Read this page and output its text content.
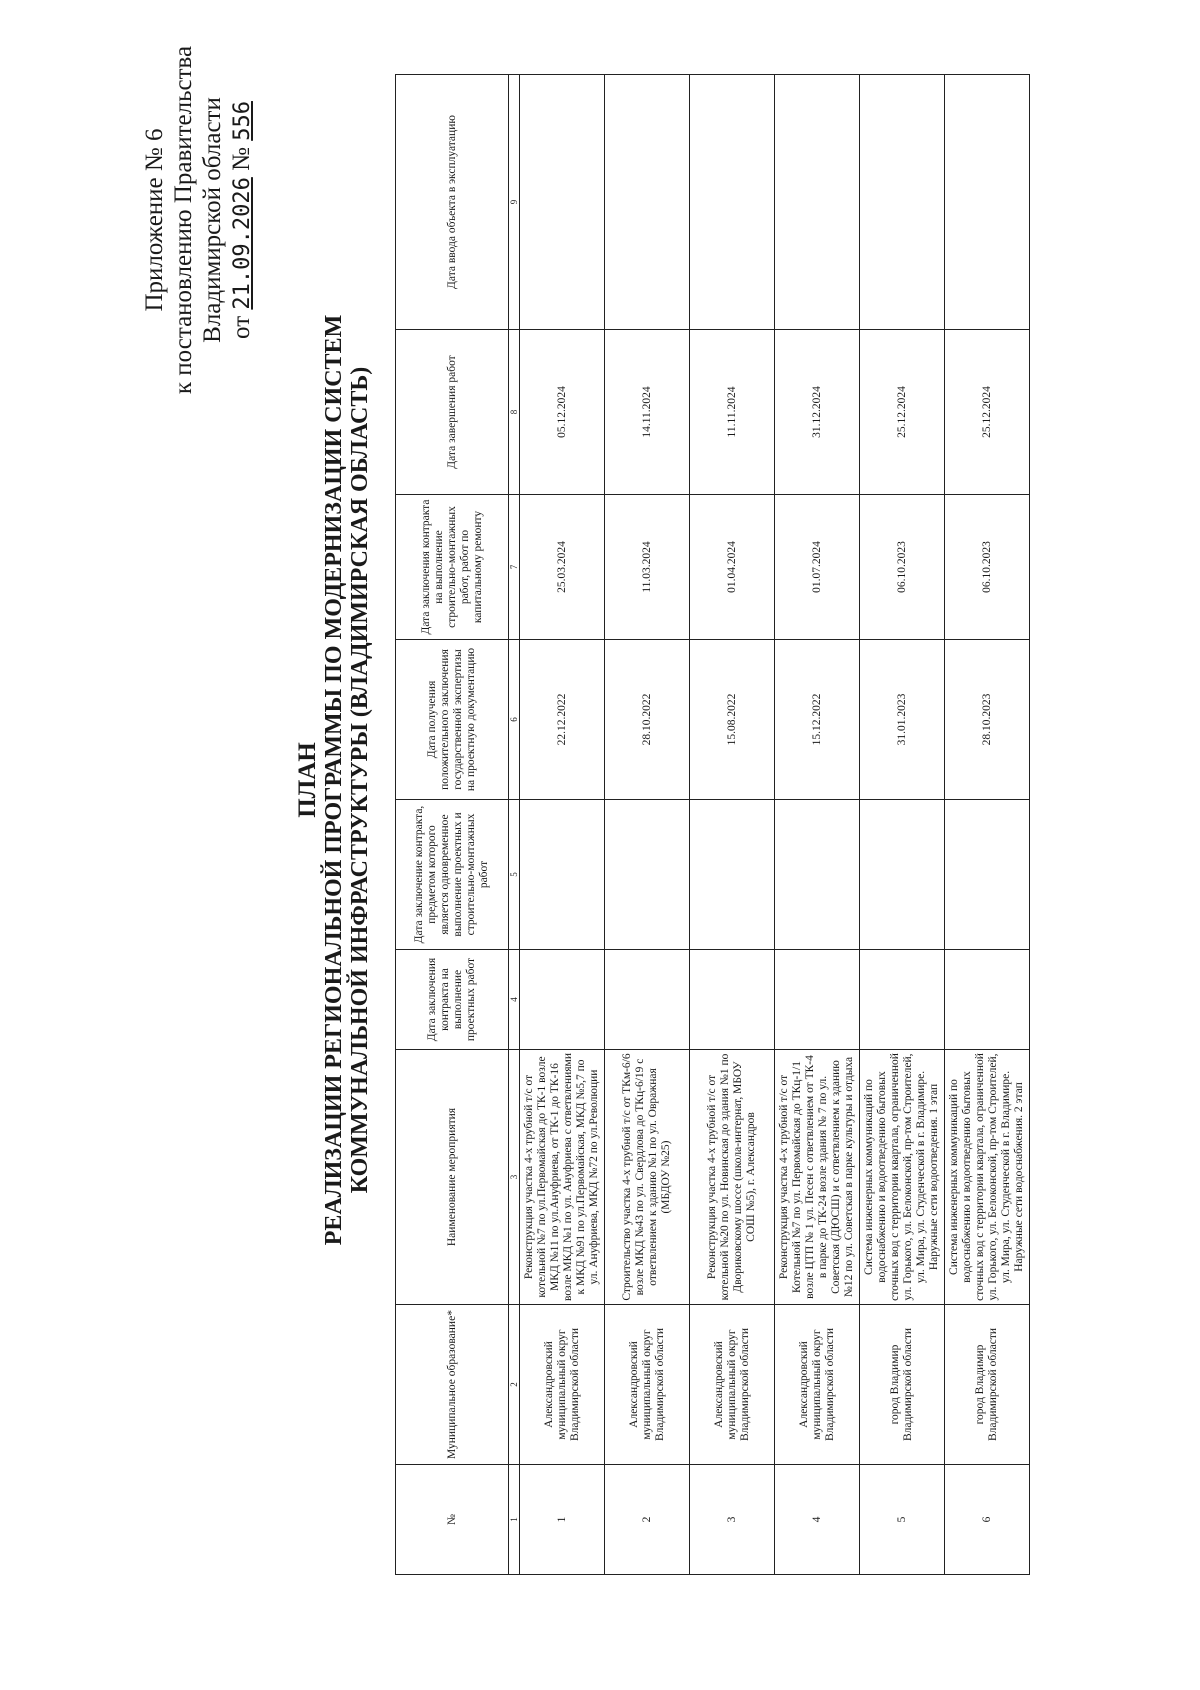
Приложение № 6 к постановлению Правительства Владимирской области от 21.09.2026 № 556
ПЛАН РЕАЛИЗАЦИИ РЕГИОНАЛЬНОЙ ПРОГРАММЫ ПО МОДЕРНИЗАЦИИ СИСТЕМ КОММУНАЛЬНОЙ ИНФРАСТРУКТУРЫ (ВЛАДИМИРСКАЯ ОБЛАСТЬ)
№	Муниципальное образование*	Наименование мероприятия	Дата заключения контракта на выполнение проектных работ	Дата заключение контракта, предметом которого является одновременное выполнение проектных и строительно-монтажных работ	Дата получения положительного заключения государственной экспертизы на проектную документацию	Дата заключения контракта на выполнение строительно-монтажных работ, работ по капитальному ремонту	Дата завершения работ	Дата ввода объекта в эксплуатацию
1	2	3	4	5	6	7	8	9
1	Александровский муниципальный округ Владимирской области	Реконструкция участка 4-х трубной т/с от котельной №7 по ул.Первомайская до ТК-1 возле МКД №11 по ул.Ануфриева, от ТК-1 до ТК-16 возле МКД №1 по ул. Ануфриева с ответвлениями к МКД №91 по ул.Первомайская, МКД №5,7 по ул. Ануфриева, МКД №72 по ул.Революции			22.12.2022	25.03.2024	05.12.2024	
2	Александровский муниципальный округ Владимирской области	Строительство участка 4-х трубной т/с от ТКм-6/6 возле МКД №43 по ул. Свердлова до ТКц-6/19 с ответвлением к зданию №1 по ул. Овражная (МБДОУ №25)			28.10.2022	11.03.2024	14.11.2024	
3	Александровский муниципальный округ Владимирской области	Реконструкция участка 4-х трубной т/с от котельной №20 по ул. Новинская до здания №1 по Двориковскому шоссе (школа-интернат, МБОУ СОШ №5), г. Александров			15.08.2022	01.04.2024	11.11.2024	
4	Александровский муниципальный округ Владимирской области	Реконструкция участка 4-х трубной т/с от Котельной №7 по ул. Первомайская до ТКц-1/1 возле ЦТП № 1 ул. Песен с ответвлением от ТК-4 в парке до ТК-24 возле здания № 7 по ул. Советская (ДЮСШ) и с ответвлением к зданию №12 по ул. Советская в парке культуры и отдыха			15.12.2022	01.07.2024	31.12.2024	
5	город Владимир Владимирской области	Система инженерных коммуникаций по водоснабжению и водоотведению бытовых сточных вод с территории квартала, ограниченной ул. Горького, ул. Белоконской, пр-том Строителей, ул. Мира, ул. Студенческой в г. Владимире. Наружные сети водоотведения. 1 этап			31.01.2023	06.10.2023	25.12.2024	
6	город Владимир Владимирской области	Система инженерных коммуникаций по водоснабжению и водоотведению бытовых сточных вод с территории квартала, ограниченной ул. Горького, ул. Белоконской, пр-том Строителей, ул. Мира, ул. Студенческой в г. Владимире. Наружные сети водоснабжения. 2 этап			28.10.2023	06.10.2023	25.12.2024	
